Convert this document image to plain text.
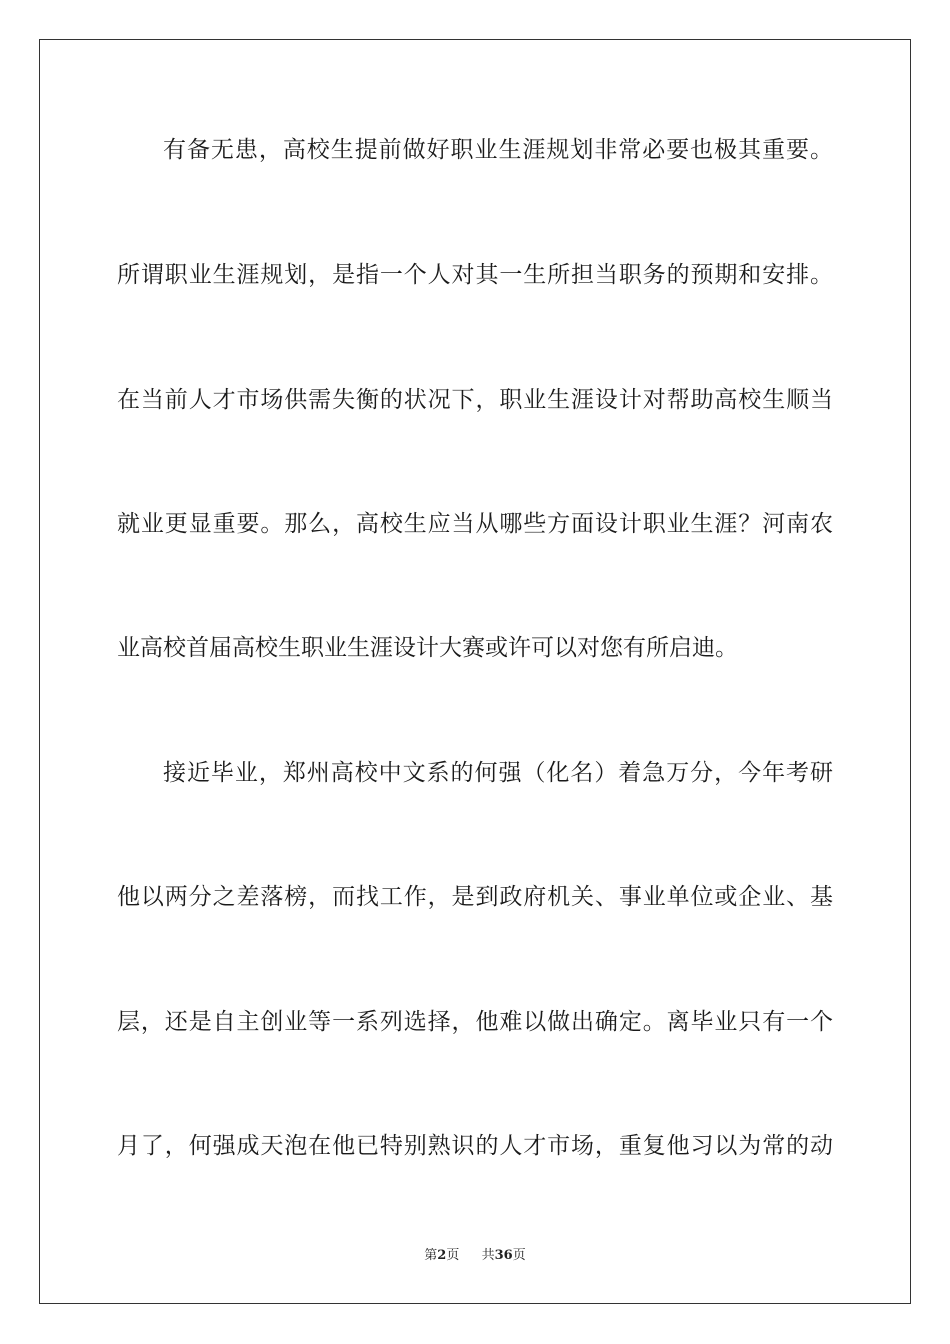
有备无患，高校生提前做好职业生涯规划非常必要也极其重要。
所谓职业生涯规划，是指一个人对其一生所担当职务的预期和安排。
在当前人才市场供需失衡的状况下，职业生涯设计对帮助高校生顺当
就业更显重要。那么，高校生应当从哪些方面设计职业生涯？河南农
业高校首届高校生职业生涯设计大赛或许可以对您有所启迪。
接近毕业，郑州高校中文系的何强（化名）着急万分，今年考研
他以两分之差落榜，而找工作，是到政府机关、事业单位或企业、基
层，还是自主创业等一系列选择，他难以做出确定。离毕业只有一个
月了，何强成天泡在他已特别熟识的人才市场，重复他习以为常的动
第2页 共36页
